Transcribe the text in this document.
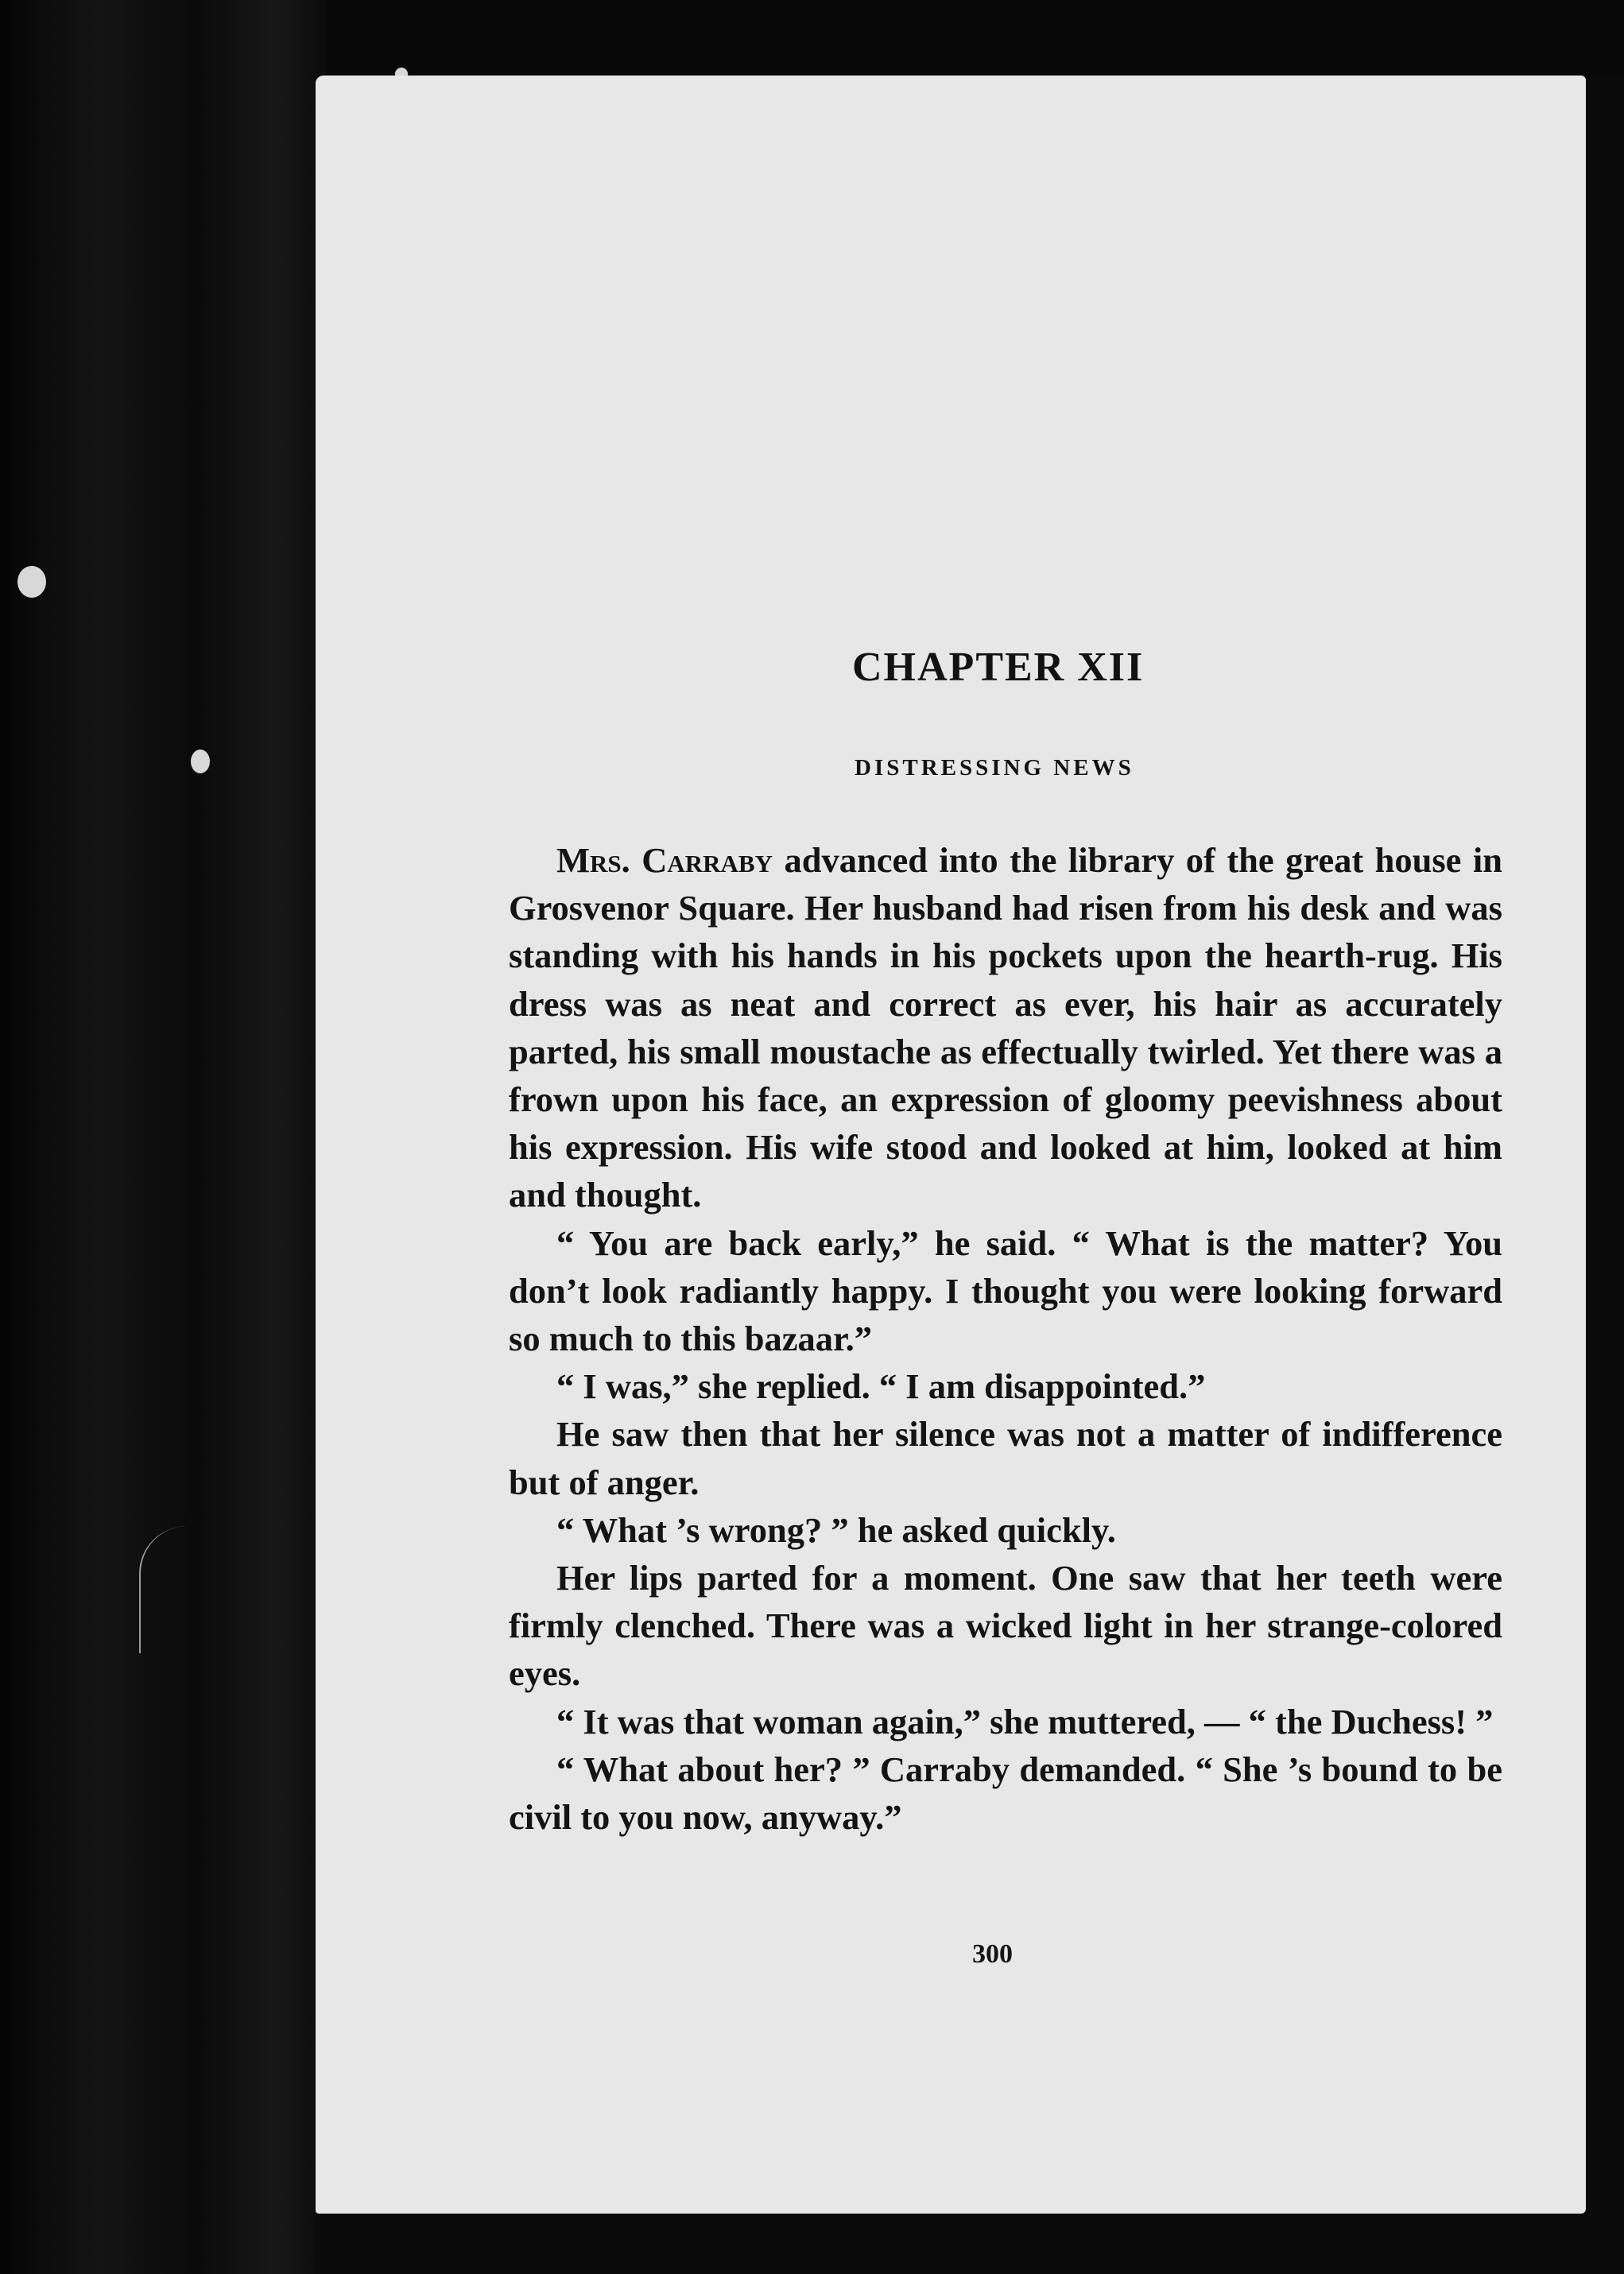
CHAPTER XII
DISTRESSING NEWS

Mrs. Carraby advanced into the library of the great house in Grosvenor Square. Her husband had risen from his desk and was standing with his hands in his pockets upon the hearth-rug. His dress was as neat and correct as ever, his hair as accurately parted, his small moustache as effectually twirled. Yet there was a frown upon his face, an expression of gloomy peevishness about his expression. His wife stood and looked at him, looked at him and thought.

“ You are back early,” he said. “ What is the matter? You don’t look radiantly happy. I thought you were looking forward so much to this bazaar.”

“ I was,” she replied. “ I am disappointed.”

He saw then that her silence was not a matter of indifference but of anger.

“ What ’s wrong? ” he asked quickly.

Her lips parted for a moment. One saw that her teeth were firmly clenched. There was a wicked light in her strange-colored eyes.

“ It was that woman again,” she muttered, — “ the Duchess! ”

“ What about her? ” Carraby demanded. “ She ’s bound to be civil to you now, anyway.”

300
